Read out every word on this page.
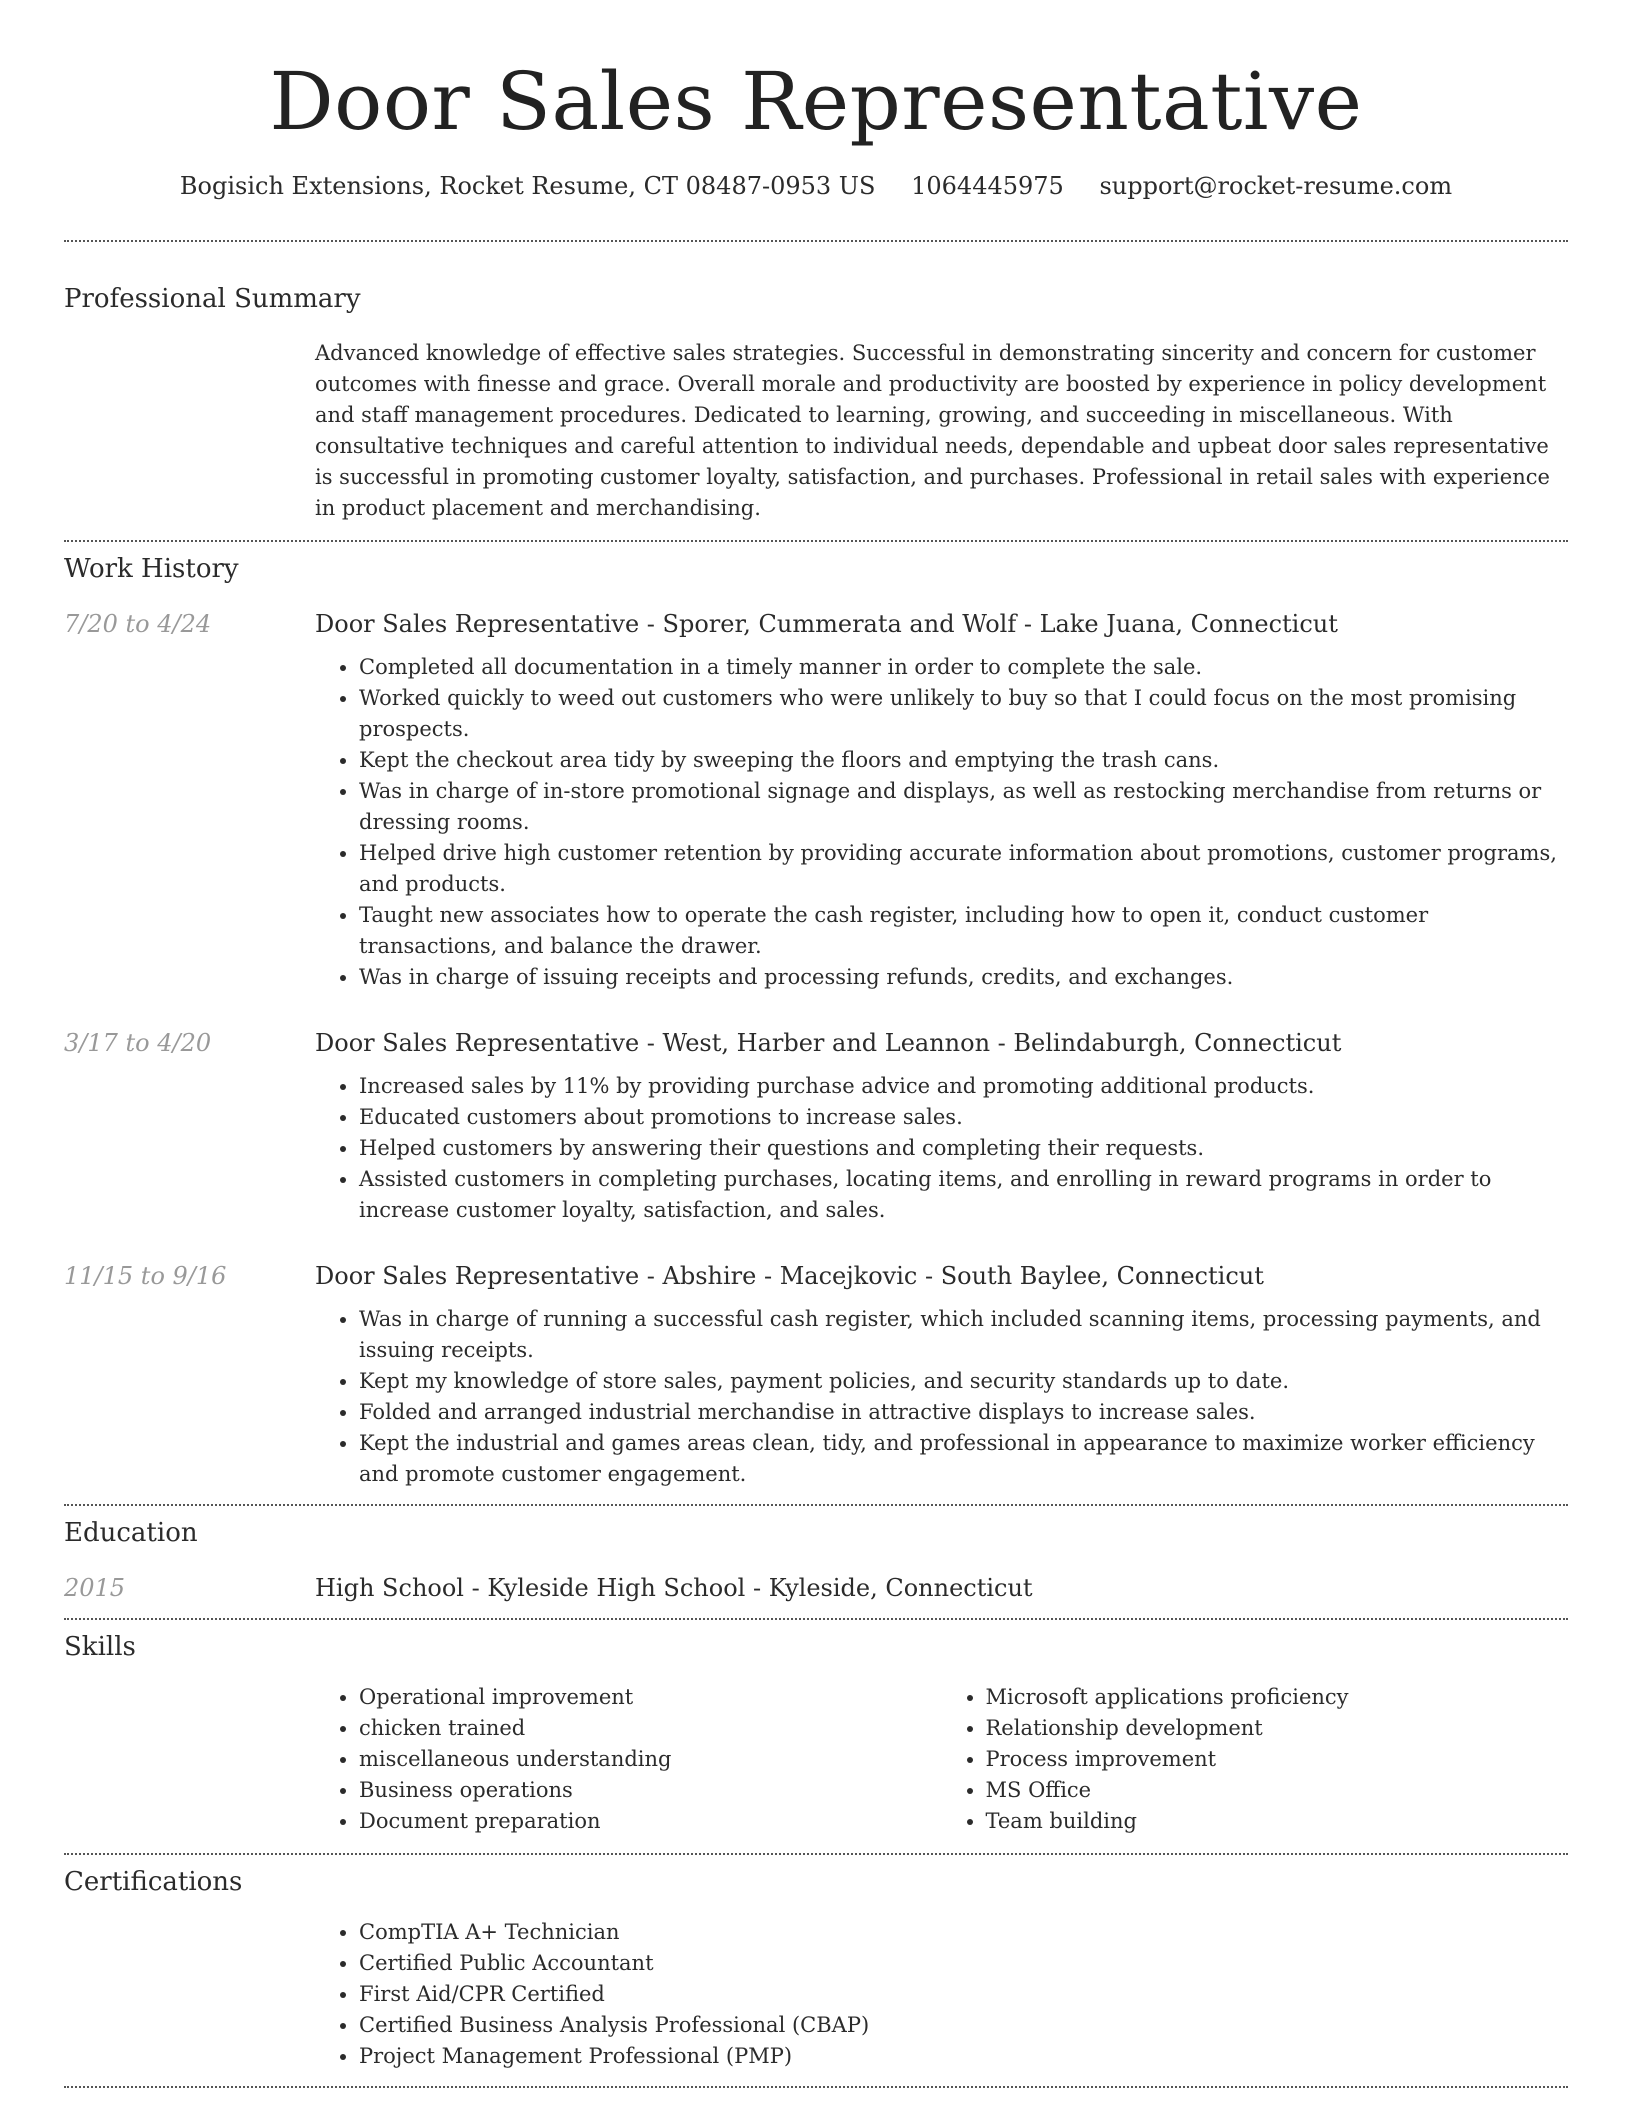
Door Sales Representative
Bogisich Extensions, Rocket Resume, CT 08487-0953 US 1064445975 support@rocket-resume.com
Professional Summary

Advanced knowledge of effective sales strategies. Successful in demonstrating sincerity and concern for customer outcomes with finesse and grace. Overall morale and productivity are boosted by experience in policy development and staff management procedures. Dedicated to learning, growing, and succeeding in miscellaneous. With consultative techniques and careful attention to individual needs, dependable and upbeat door sales representative is successful in promoting customer loyalty, satisfaction, and purchases. Professional in retail sales with experience in product placement and merchandising.

Work History
7/20 to 4/24	Door Sales Representative - Sporer, Cummerata and Wolf - Lake Juana, Connecticut
• Completed all documentation in a timely manner in order to complete the sale.
• Worked quickly to weed out customers who were unlikely to buy so that I could focus on the most promising prospects.
• Kept the checkout area tidy by sweeping the floors and emptying the trash cans.
• Was in charge of in-store promotional signage and displays, as well as restocking merchandise from returns or dressing rooms.
• Helped drive high customer retention by providing accurate information about promotions, customer programs, and products.
• Taught new associates how to operate the cash register, including how to open it, conduct customer transactions, and balance the drawer.
• Was in charge of issuing receipts and processing refunds, credits, and exchanges.
3/17 to 4/20	Door Sales Representative - West, Harber and Leannon - Belindaburgh, Connecticut
• Increased sales by 11% by providing purchase advice and promoting additional products.
• Educated customers about promotions to increase sales.
• Helped customers by answering their questions and completing their requests.
• Assisted customers in completing purchases, locating items, and enrolling in reward programs in order to increase customer loyalty, satisfaction, and sales.
11/15 to 9/16	Door Sales Representative - Abshire - Macejkovic - South Baylee, Connecticut
• Was in charge of running a successful cash register, which included scanning items, processing payments, and issuing receipts.
• Kept my knowledge of store sales, payment policies, and security standards up to date.
• Folded and arranged industrial merchandise in attractive displays to increase sales.
• Kept the industrial and games areas clean, tidy, and professional in appearance to maximize worker efficiency and promote customer engagement.
Education
2015	High School - Kyleside High School - Kyleside, Connecticut
Skills
• Operational improvement
• chicken trained
• miscellaneous understanding
• Business operations
• Document preparation
• Microsoft applications proficiency
• Relationship development
• Process improvement
• MS Office
• Team building
Certifications
• CompTIA A+ Technician
• Certified Public Accountant
• First Aid/CPR Certified
• Certified Business Analysis Professional (CBAP)
• Project Management Professional (PMP)
